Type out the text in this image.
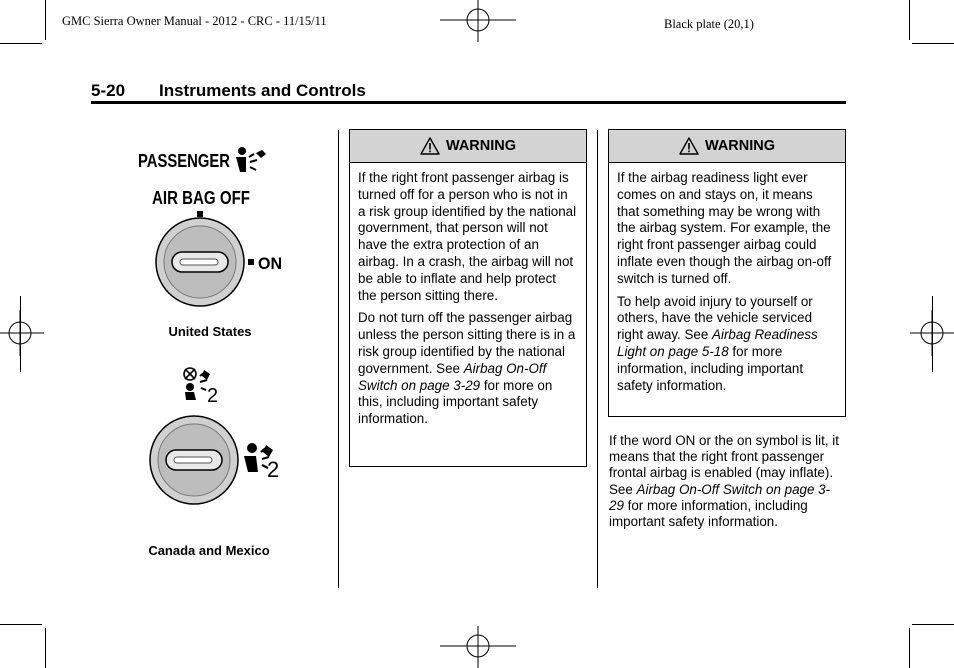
GMC Sierra Owner Manual - 2012 - CRC - 11/15/11	Black plate (20,1)
5-20 Instruments and Controls
PASSENGER
AIR BAG OFF
ON
United States
2
2
Canada and Mexico
WARNING

If the right front passenger airbag is turned off for a person who is not in a risk group identified by the national government, that person will not have the extra protection of an airbag. In a crash, the airbag will not be able to inflate and help protect the person sitting there.

Do not turn off the passenger airbag unless the person sitting there is in a risk group identified by the national government. See Airbag On-Off Switch on page 3-29 for more on this, including important safety information.

WARNING

If the airbag readiness light ever comes on and stays on, it means that something may be wrong with the airbag system. For example, the right front passenger airbag could inflate even though the airbag on-off switch is turned off.

To help avoid injury to yourself or others, have the vehicle serviced right away. See Airbag Readiness Light on page 5-18 for more information, including important safety information.

If the word ON or the on symbol is lit, it means that the right front passenger frontal airbag is enabled (may inflate). See Airbag On-Off Switch on page 3-29 for more information, including important safety information.
